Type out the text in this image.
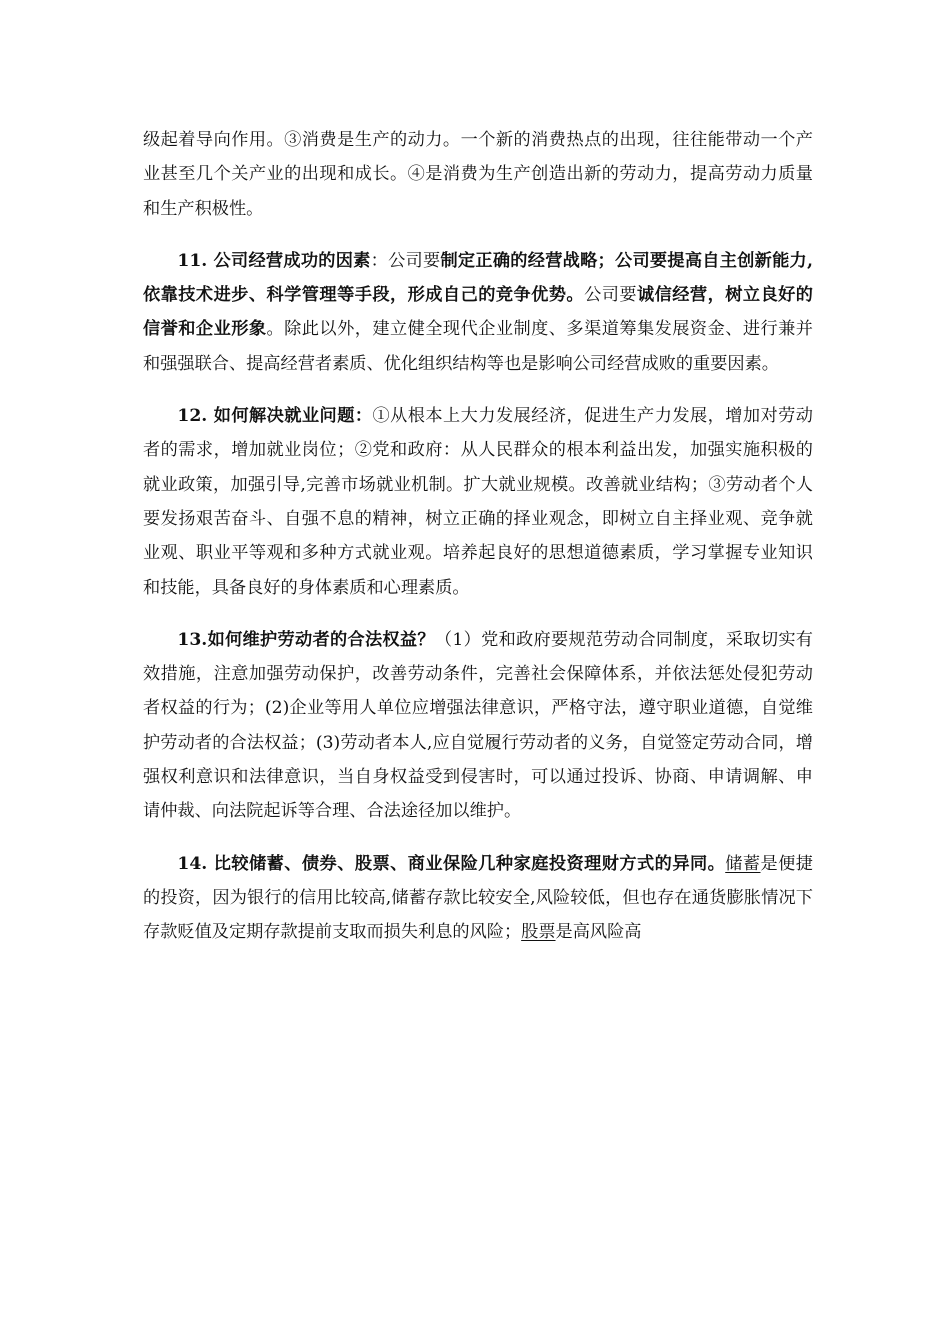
级起着导向作用。③消费是生产的动力。一个新的消费热点的出现，往往能带动一个产业甚至几个关产业的出现和成长。④是消费为生产创造出新的劳动力，提高劳动力质量和生产积极性。

11. 公司经营成功的因素：公司要制定正确的经营战略；公司要提高自主创新能力,依靠技术进步、科学管理等手段，形成自己的竞争优势。公司要诚信经营，树立良好的信誉和企业形象。除此以外，建立健全现代企业制度、多渠道筹集发展资金、进行兼并和强强联合、提高经营者素质、优化组织结构等也是影响公司经营成败的重要因素。

12. 如何解决就业问题：①从根本上大力发展经济，促进生产力发展，增加对劳动者的需求，增加就业岗位；②党和政府：从人民群众的根本利益出发，加强实施积极的就业政策，加强引导,完善市场就业机制。扩大就业规模。改善就业结构；③劳动者个人要发扬艰苦奋斗、自强不息的精神，树立正确的择业观念，即树立自主择业观、竞争就业观、职业平等观和多种方式就业观。培养起良好的思想道德素质，学习掌握专业知识和技能，具备良好的身体素质和心理素质。

13.如何维护劳动者的合法权益？（1）党和政府要规范劳动合同制度，采取切实有效措施，注意加强劳动保护，改善劳动条件，完善社会保障体系，并依法惩处侵犯劳动者权益的行为；(2)企业等用人单位应增强法律意识，严格守法，遵守职业道德，自觉维护劳动者的合法权益；(3)劳动者本人,应自觉履行劳动者的义务，自觉签定劳动合同，增强权利意识和法律意识，当自身权益受到侵害时，可以通过投诉、协商、申请调解、申请仲裁、向法院起诉等合理、合法途径加以维护。

14. 比较储蓄、债券、股票、商业保险几种家庭投资理财方式的异同。储蓄是便捷的投资，因为银行的信用比较高,储蓄存款比较安全,风险较低，但也存在通货膨胀情况下存款贬值及定期存款提前支取而损失利息的风险；股票是高风险高
